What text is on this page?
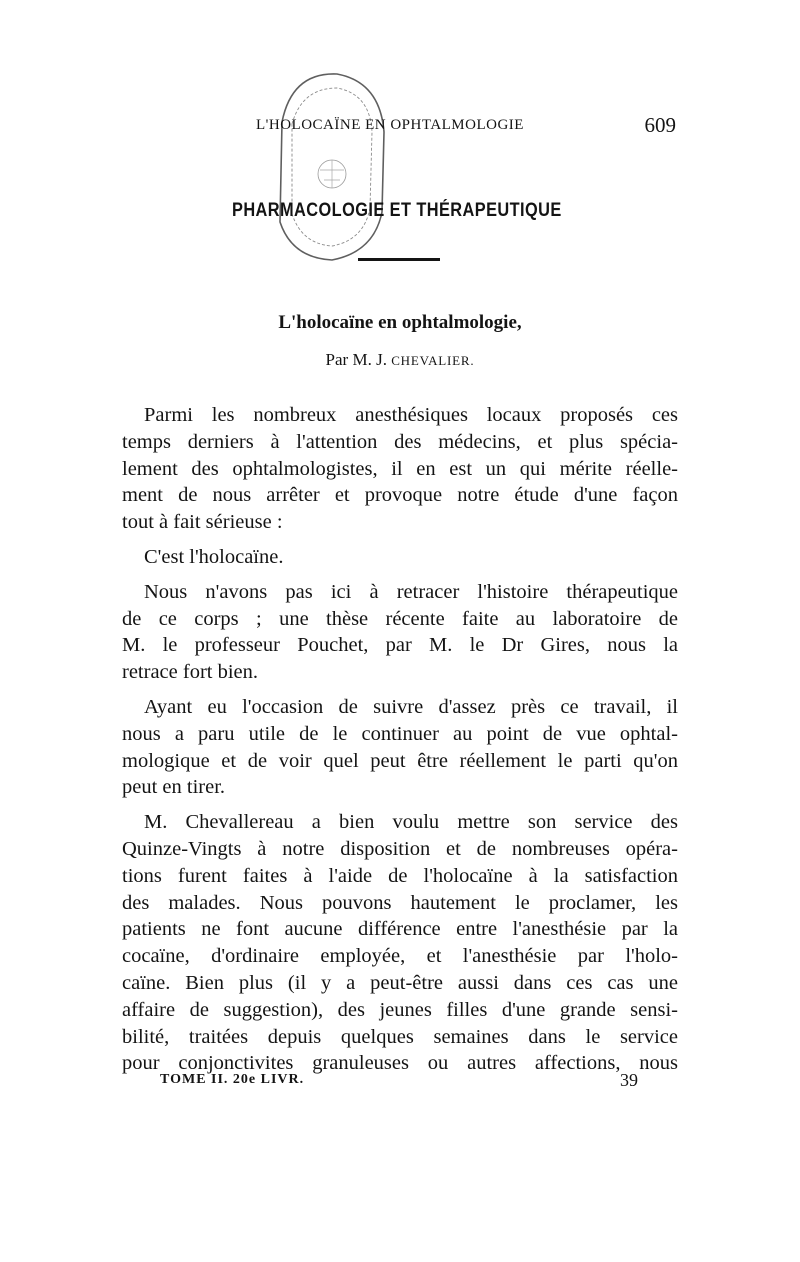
L'HOLOCAÏNE EN OPHTALMOLOGIE	609
PHARMACOLOGIE ET THÉRAPEUTIQUE
L'holocaïne en ophtalmologie,
Par M. J. CHEVALIER.

Parmi les nombreux anesthésiques locaux proposés ces
temps derniers à l'attention des médecins, et plus spécia-
lement des ophtalmologistes, il en est un qui mérite réelle-
ment de nous arrêter et provoque notre étude d'une façon
tout à fait sérieuse :

C'est l'holocaïne.

Nous n'avons pas ici à retracer l'histoire thérapeutique
de ce corps ; une thèse récente faite au laboratoire de
M. le professeur Pouchet, par M. le Dr Gires, nous la
retrace fort bien.

Ayant eu l'occasion de suivre d'assez près ce travail, il
nous a paru utile de le continuer au point de vue ophtal-
mologique et de voir quel peut être réellement le parti qu'on
peut en tirer.

M. Chevallereau a bien voulu mettre son service des
Quinze-Vingts à notre disposition et de nombreuses opéra-
tions furent faites à l'aide de l'holocaïne à la satisfaction
des malades. Nous pouvons hautement le proclamer, les
patients ne font aucune différence entre l'anesthésie par la
cocaïne, d'ordinaire employée, et l'anesthésie par l'holo-
caïne. Bien plus (il y a peut-être aussi dans ces cas une
affaire de suggestion), des jeunes filles d'une grande sensi-
bilité, traitées depuis quelques semaines dans le service
pour conjonctivites granuleuses ou autres affections, nous

TOME II. 20e LIVR.	39
